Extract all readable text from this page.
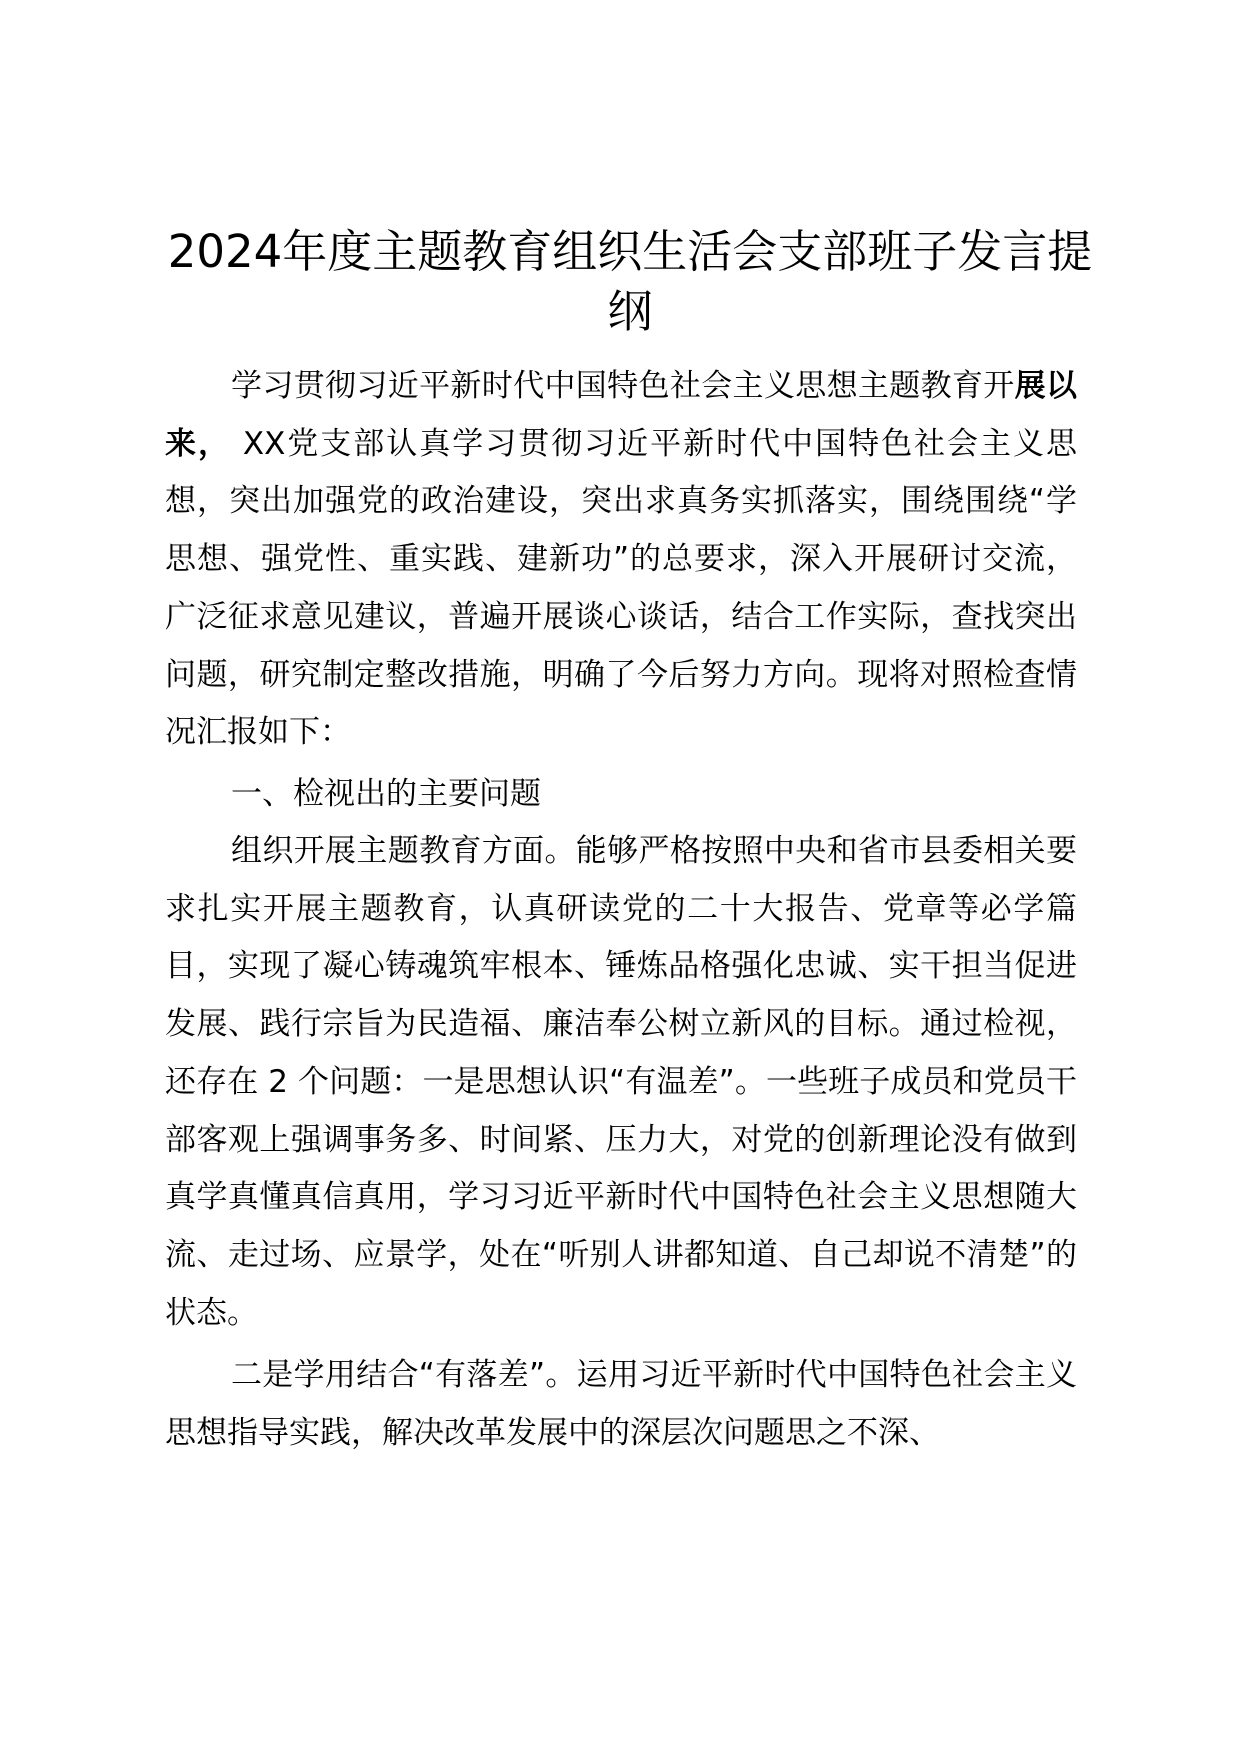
2024年度主题教育组织生活会支部班子发言提纲

学习贯彻习近平新时代中国特色社会主义思想主题教育开展以来， XX党支部认真学习贯彻习近平新时代中国特色社会主义思想，突出加强党的政治建设，突出求真务实抓落实，围绕围绕“学思想、强党性、重实践、建新功”的总要求，深入开展研讨交流，广泛征求意见建议，普遍开展谈心谈话，结合工作实际，查找突出问题，研究制定整改措施，明确了今后努力方向。现将对照检查情况汇报如下：

一、检视出的主要问题

组织开展主题教育方面。能够严格按照中央和省市县委相关要求扎实开展主题教育，认真研读党的二十大报告、党章等必学篇目，实现了凝心铸魂筑牢根本、锤炼品格强化忠诚、实干担当促进发展、践行宗旨为民造福、廉洁奉公树立新风的目标。通过检视，还存在 2 个问题：一是思想认识“有温差”。一些班子成员和党员干部客观上强调事务多、时间紧、压力大，对党的创新理论没有做到真学真懂真信真用，学习习近平新时代中国特色社会主义思想随大流、走过场、应景学，处在“听别人讲都知道、自己却说不清楚”的状态。

二是学用结合“有落差”。运用习近平新时代中国特色社会主义思想指导实践，解决改革发展中的深层次问题思之不深、
